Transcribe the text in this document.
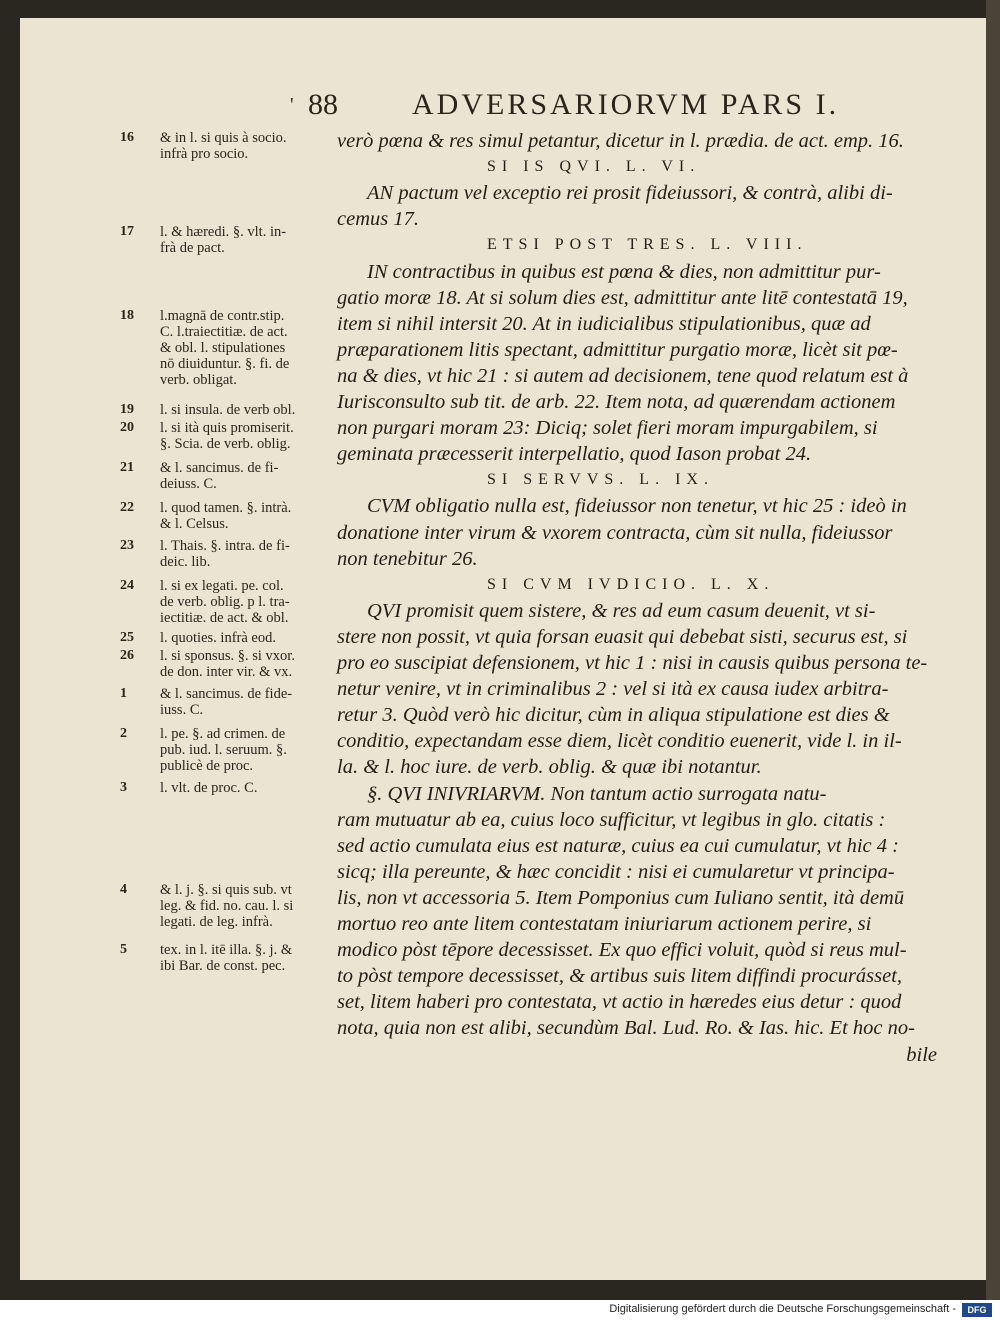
' 88 ADVERSARIORVM PARS I.
16 & in l. si quis à socio.
infrà pro socio.
17 l. & hæredi. §. vlt. in-
frà de pact.
18 l.magnā de contr.stip.
C. l.traiectitiæ. de act.
& obl. l. stipulationes
nō diuiduntur. §. fi. de
verb. obligat.
19 l. si insula. de verb obl.
20 l. si ità quis promiserit.
§. Scia. de verb. oblig.
21 & l. sancimus. de fi-
deiuss. C.
22 l. quod tamen. §. intrà.
& l. Celsus.
23 l. Thais. §. intra. de fi-
deic. lib.
24 l. si ex legati. pe. col.
de verb. oblig. p l. tra-
iectitiæ. de act. & obl.
25 l. quoties. infrà eod.
26 l. si sponsus. §. si vxor.
de don. inter vir. & vx.
1 & l. sancimus. de fide-
iuss. C.
2 l. pe. §. ad crimen. de
pub. iud. l. seruum. §.
publicè de proc.
3 l. vlt. de proc. C.
4 & l. j. §. si quis sub. vt
leg. & fid. no. cau. l. si
legati. de leg. infrà.
5 tex. in l. itē illa. §. j. &
ibi Bar. de const. pec.
verò pœna & res simul petantur, dicetur in l. prædia. de act. emp. 16.
SI IS QVI. L. VI.
AN pactum vel exceptio rei prosit fideiussori, & contrà, alibi di-
cemus 17.
ETSI POST TRES. L. VIII.
IN contractibus in quibus est pœna & dies, non admittitur pur-
gatio moræ 18. At si solum dies est, admittitur ante litē contestatā 19,
item si nihil intersit 20. At in iudicialibus stipulationibus, quæ ad
præparationem litis spectant, admittitur purgatio moræ, licèt sit pœ-
na & dies, vt hic 21 : si autem ad decisionem, tene quod relatum est à
Iurisconsulto sub tit. de arb. 22. Item nota, ad quærendam actionem
non purgari moram 23: Diciq; solet fieri moram impurgabilem, si
geminata præcesserit interpellatio, quod Iason probat 24.
SI SERVVS. L. IX.
CVM obligatio nulla est, fideiussor non tenetur, vt hic 25 : ideò in
donatione inter virum & vxorem contracta, cùm sit nulla, fideiussor
non tenebitur 26.
SI CVM IVDICIO. L. X.
QVI promisit quem sistere, & res ad eum casum deuenit, vt si-
stere non possit, vt quia forsan euasit qui debebat sisti, securus est, si
pro eo suscipiat defensionem, vt hic 1 : nisi in causis quibus persona te-
netur venire, vt in criminalibus 2 : vel si ità ex causa iudex arbitra-
retur 3. Quòd verò hic dicitur, cùm in aliqua stipulatione est dies &
conditio, expectandam esse diem, licèt conditio euenerit, vide l. in il-
la. & l. hoc iure. de verb. oblig. & quæ ibi notantur.
§. QVI INIVRIARVM. Non tantum actio surrogata natu-
ram mutuatur ab ea, cuius loco sufficitur, vt legibus in glo. citatis :
sed actio cumulata eius est naturæ, cuius ea cui cumulatur, vt hic 4 :
sicq; illa pereunte, & hæc concidit : nisi ei cumularetur vt principa-
lis, non vt accessoria 5. Item Pomponius cum Iuliano sentit, ità demū
mortuo reo ante litem contestatam iniuriarum actionem perire, si
modico pòst tēpore decessisset. Ex quo effici voluit, quòd si reus mul-
to pòst tempore decessisset, & artibus suis litem diffindi procurásset,
set, litem haberi pro contestata, vt actio in hæredes eius detur : quod
nota, quia non est alibi, secundùm Bal. Lud. Ro. & Ias. hic. Et hoc no-
bile
Digitalisierung gefördert durch die Deutsche Forschungsgemeinschaft -	DFG
